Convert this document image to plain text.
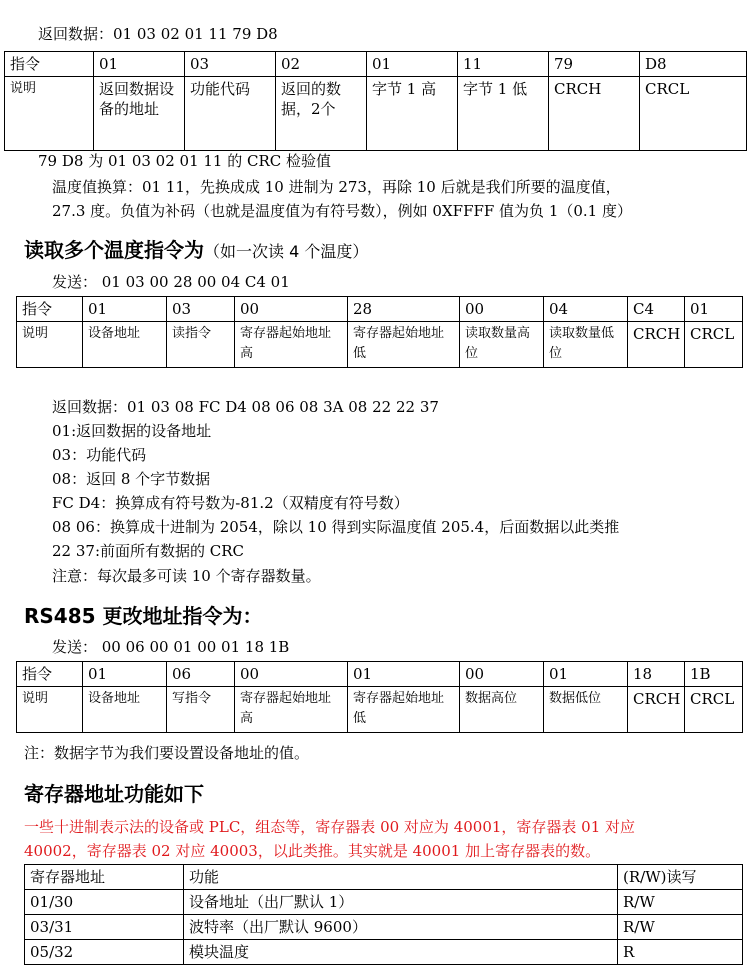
返回数据：01 03 02 01 11 79 D8
指令	01	03	02	01	11	79	D8
说明	返回数据设备的地址	功能代码	返回的数据，2个	字节 1 高	字节 1 低	CRCH	CRCL
79 D8 为 01 03 02 01 11 的 CRC 检验值
温度值换算：01 11，先换成成 10 进制为 273，再除 10 后就是我们所要的温度值，
27.3 度。负值为补码（也就是温度值为有符号数），例如 0XFFFF 值为负 1（0.1 度）
读取多个温度指令为（如一次读 4 个温度）
发送： 01 03 00 28 00 04 C4 01
指令	01	03	00	28	00	04	C4	01
说明	设备地址	读指令	寄存器起始地址高	寄存器起始地址低	读取数量高位	读取数量低位	CRCH	CRCL
返回数据：01 03 08 FC D4 08 06 08 3A 08 22 22 37
01:返回数据的设备地址
03：功能代码
08：返回 8 个字节数据
FC D4：换算成有符号数为-81.2（双精度有符号数）
08 06：换算成十进制为 2054，除以 10 得到实际温度值 205.4，后面数据以此类推
22 37:前面所有数据的 CRC
注意：每次最多可读 10 个寄存器数量。
RS485 更改地址指令为：
发送： 00 06 00 01 00 01 18 1B
指令	01	06	00	01	00	01	18	1B
说明	设备地址	写指令	寄存器起始地址高	寄存器起始地址低	数据高位	数据低位	CRCH	CRCL
注：数据字节为我们要设置设备地址的值。
寄存器地址功能如下
一些十进制表示法的设备或 PLC，组态等，寄存器表 00 对应为 40001，寄存器表 01 对应
40002，寄存器表 02 对应 40003，以此类推。其实就是 40001 加上寄存器表的数。
寄存器地址	功能	(R/W)读写
01/30	设备地址（出厂默认 1）	R/W
03/31	波特率（出厂默认 9600）	R/W
05/32	模块温度	R
